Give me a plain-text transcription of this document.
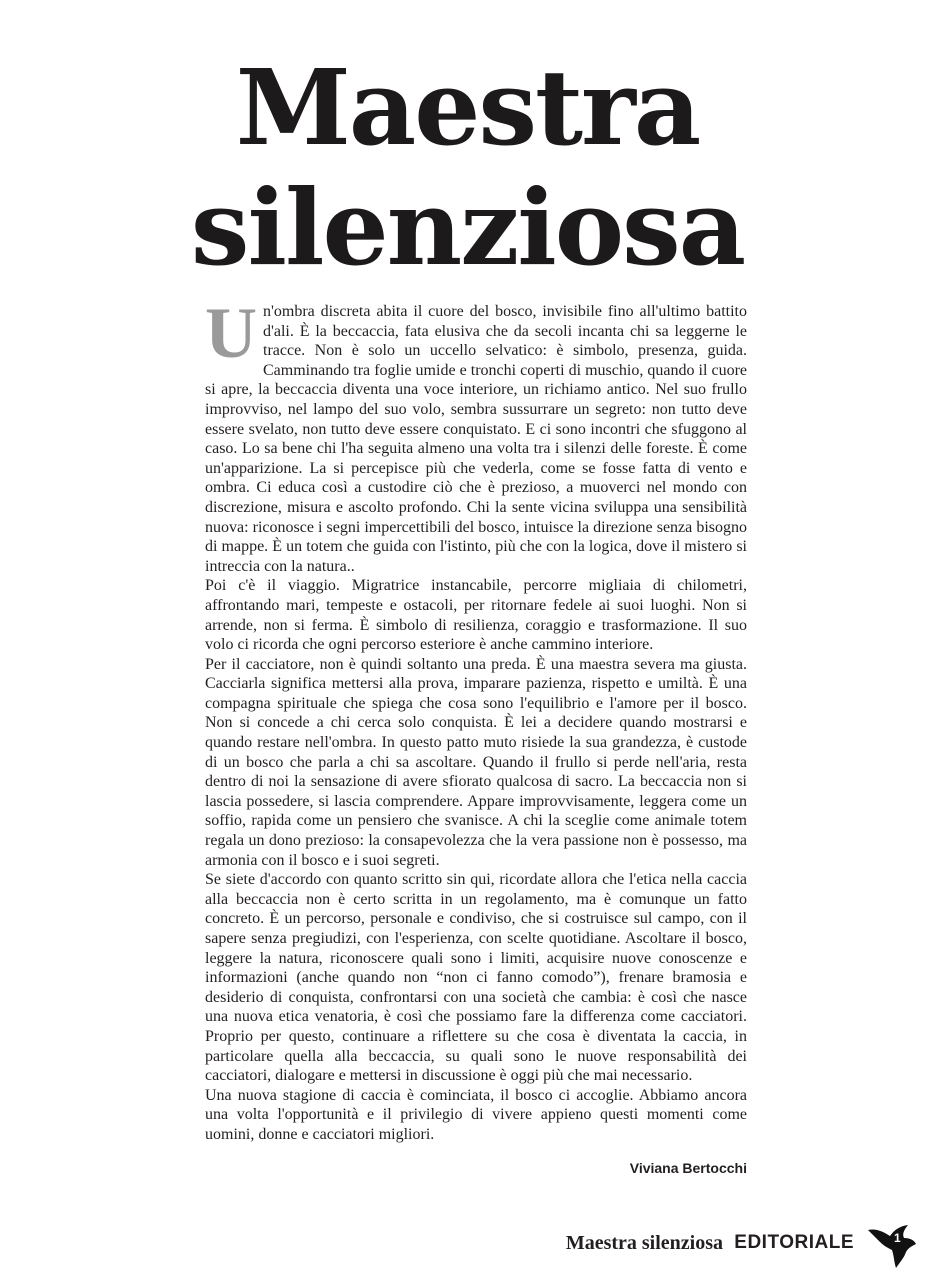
Maestra
silenziosa

Un'ombra discreta abita il cuore del bosco, invisibile fino all'ultimo battito d'ali. È la beccaccia, fata elusiva che da secoli incanta chi sa leggerne le tracce. Non è solo un uccello selvatico: è simbolo, presenza, guida. Camminando tra foglie umide e tronchi coperti di muschio, quando il cuore si apre, la beccaccia diventa una voce interiore, un richiamo antico. Nel suo frullo improvviso, nel lampo del suo volo, sembra sussurrare un segreto: non tutto deve essere svelato, non tutto deve essere conquistato. E ci sono incontri che sfuggono al caso. Lo sa bene chi l'ha seguita almeno una volta tra i silenzi delle foreste. È come un'apparizione. La si percepisce più che vederla, come se fosse fatta di vento e ombra. Ci educa così a custodire ciò che è prezioso, a muoverci nel mondo con discrezione, misura e ascolto profondo. Chi la sente vicina sviluppa una sensibilità nuova: riconosce i segni impercettibili del bosco, intuisce la direzione senza bisogno di mappe. È un totem che guida con l'istinto, più che con la logica, dove il mistero si intreccia con la natura..

Poi c'è il viaggio. Migratrice instancabile, percorre migliaia di chilometri, affrontando mari, tempeste e ostacoli, per ritornare fedele ai suoi luoghi. Non si arrende, non si ferma. È simbolo di resilienza, coraggio e trasformazione. Il suo volo ci ricorda che ogni percorso esteriore è anche cammino interiore.

Per il cacciatore, non è quindi soltanto una preda. È una maestra severa ma giusta. Cacciarla significa mettersi alla prova, imparare pazienza, rispetto e umiltà. È una compagna spirituale che spiega che cosa sono l'equilibrio e l'amore per il bosco. Non si concede a chi cerca solo conquista. È lei a decidere quando mostrarsi e quando restare nell'ombra. In questo patto muto risiede la sua grandezza, è custode di un bosco che parla a chi sa ascoltare. Quando il frullo si perde nell'aria, resta dentro di noi la sensazione di avere sfiorato qualcosa di sacro. La beccaccia non si lascia possedere, si lascia comprendere. Appare improvvisamente, leggera come un soffio, rapida come un pensiero che svanisce. A chi la sceglie come animale totem regala un dono prezioso: la consapevolezza che la vera passione non è possesso, ma armonia con il bosco e i suoi segreti.

Se siete d'accordo con quanto scritto sin qui, ricordate allora che l'etica nella caccia alla beccaccia non è certo scritta in un regolamento, ma è comunque un fatto concreto. È un percorso, personale e condiviso, che si costruisce sul campo, con il sapere senza pregiudizi, con l'esperienza, con scelte quotidiane. Ascoltare il bosco, leggere la natura, riconoscere quali sono i limiti, acquisire nuove conoscenze e informazioni (anche quando non “non ci fanno comodo”), frenare bramosia e desiderio di conquista, confrontarsi con una società che cambia: è così che nasce una nuova etica venatoria, è così che possiamo fare la differenza come cacciatori. Proprio per questo, continuare a riflettere su che cosa è diventata la caccia, in particolare quella alla beccaccia, su quali sono le nuove responsabilità dei cacciatori, dialogare e mettersi in discussione è oggi più che mai necessario.

Una nuova stagione di caccia è cominciata, il bosco ci accoglie. Abbiamo ancora una volta l'opportunità e il privilegio di vivere appieno questi momenti come uomini, donne e cacciatori migliori.

Viviana Bertocchi
Maestra silenziosa EDITORIALE	1
